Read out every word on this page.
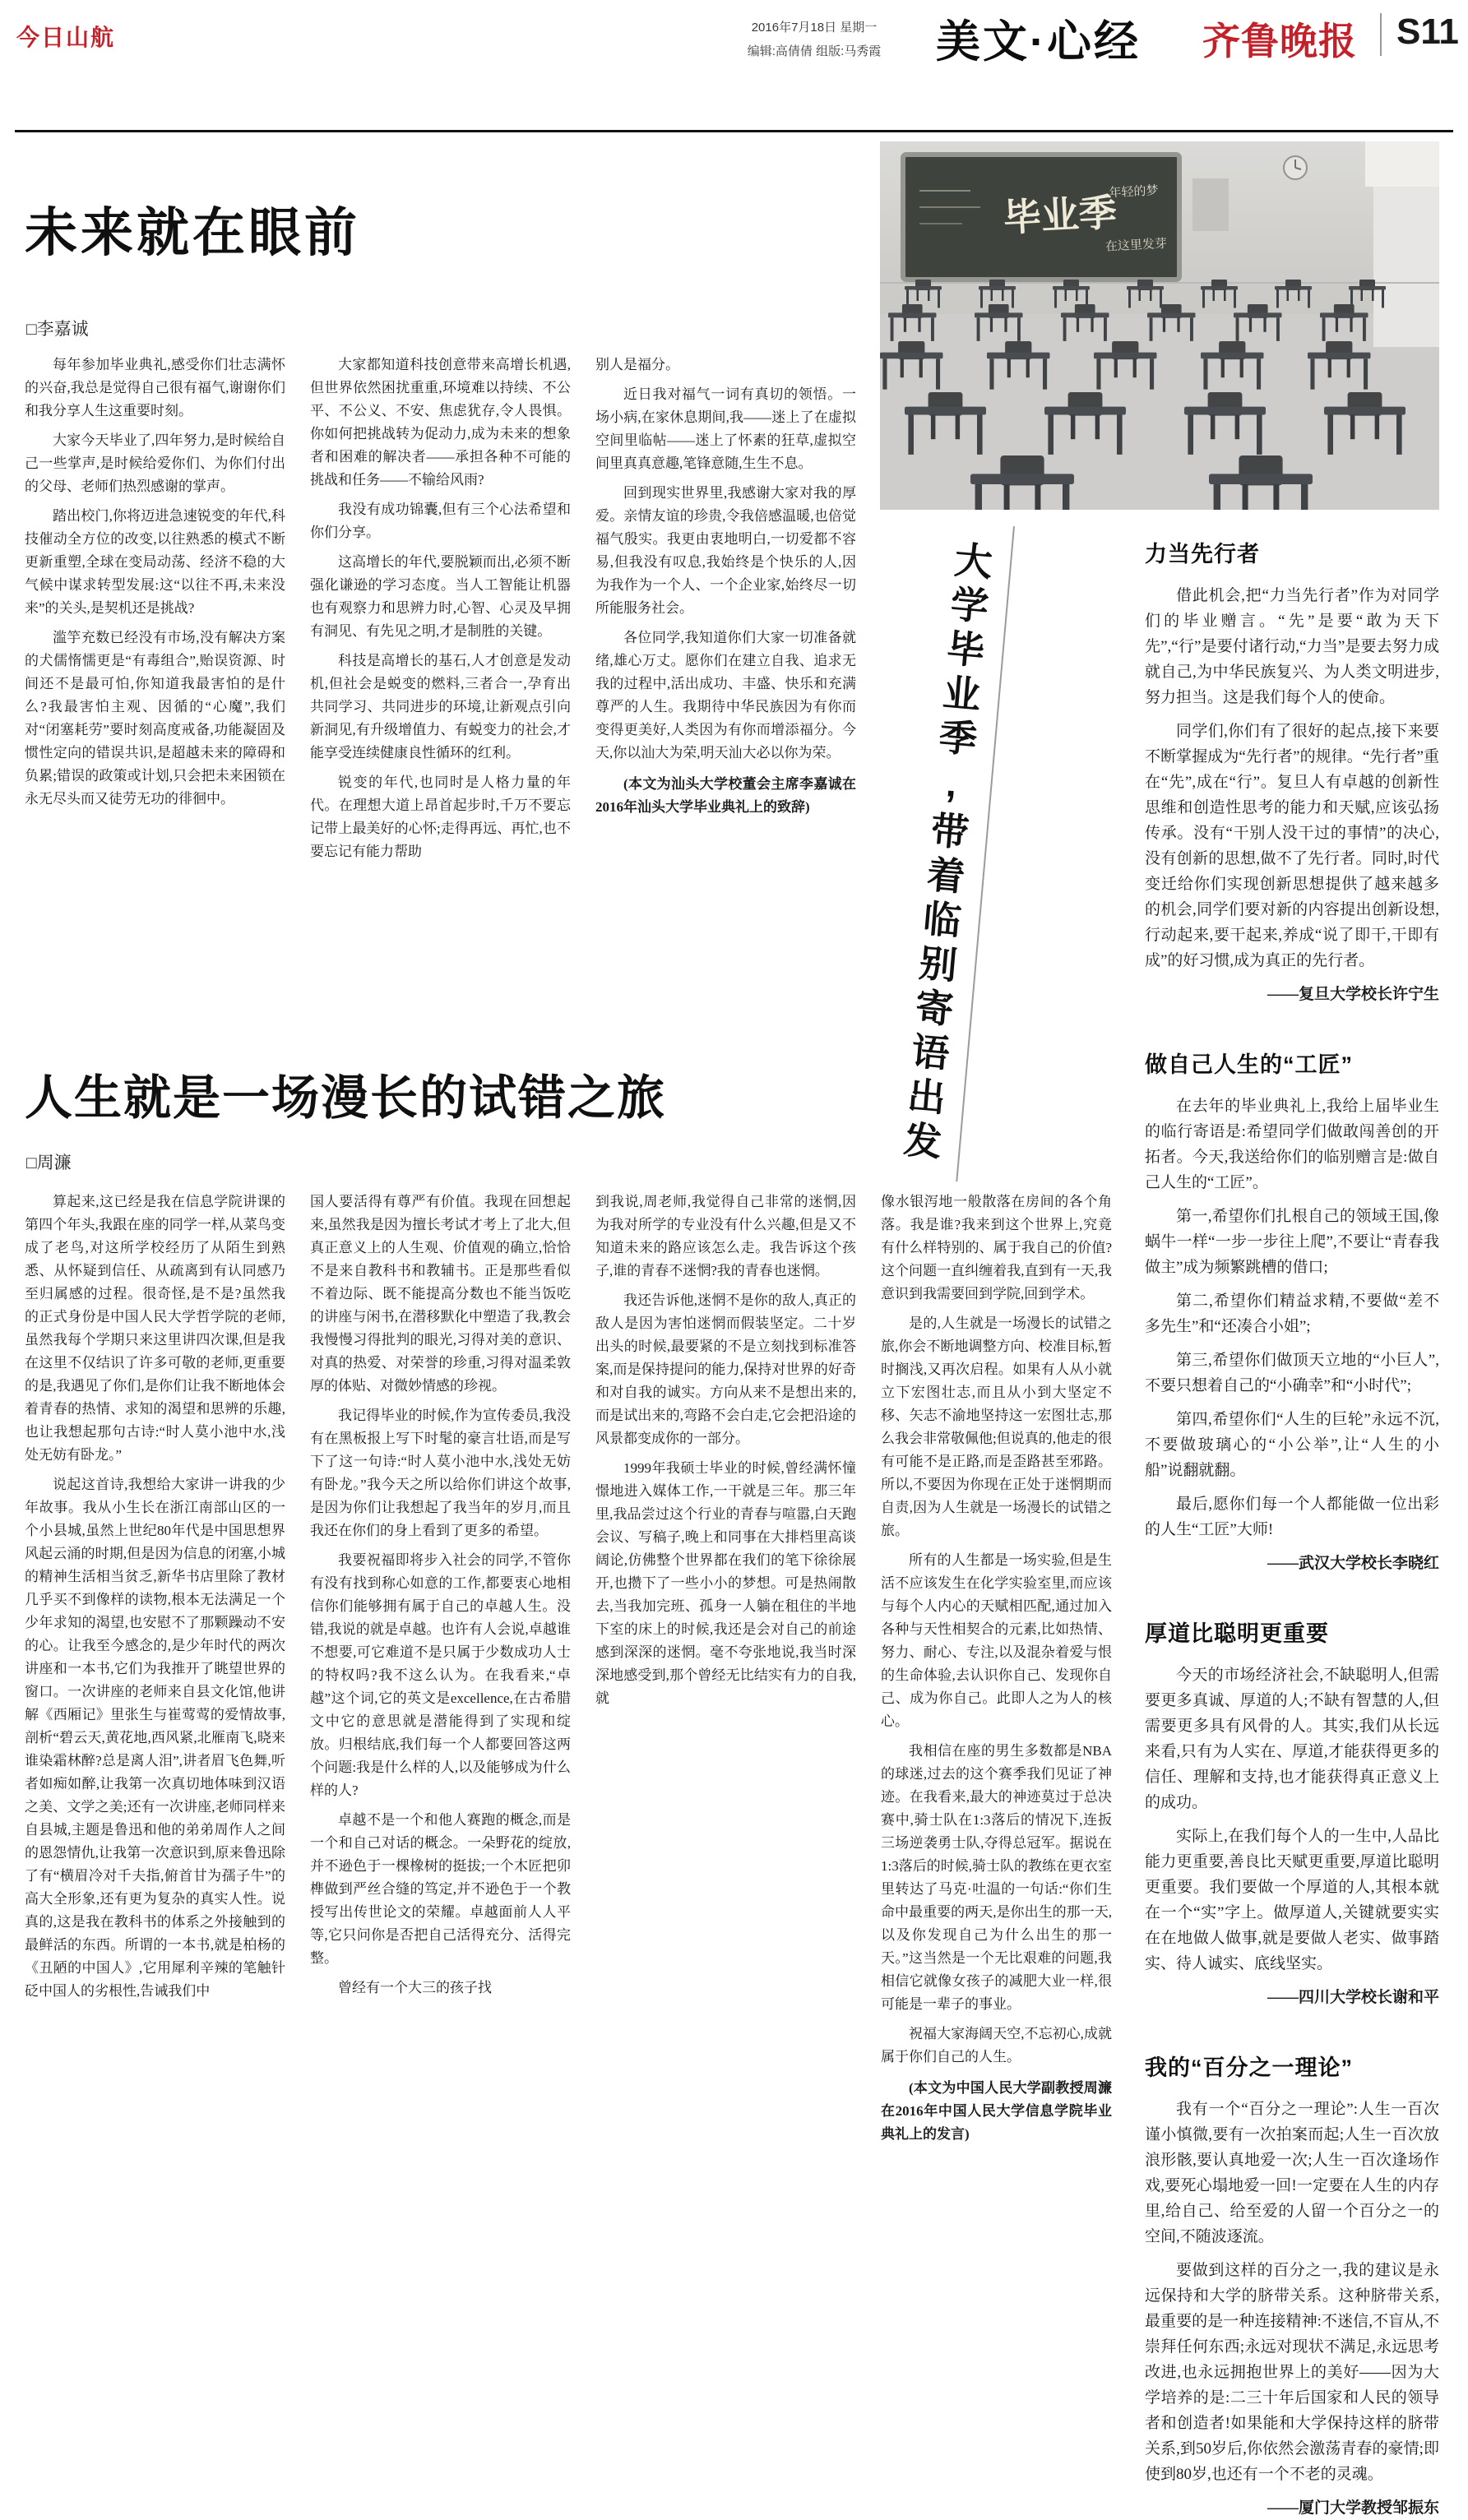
今日山航	2016年7月18日 星期一
编辑:高倩倩 组版:马秀霞	美文·心经 齐鲁晚报 S11
未来就在眼前
□李嘉诚

每年参加毕业典礼,感受你们壮志满怀的兴奋,我总是觉得自己很有福气,谢谢你们和我分享人生这重要时刻。

大家今天毕业了,四年努力,是时候给自己一些掌声,是时候给爱你们、为你们付出的父母、老师们热烈感谢的掌声。

踏出校门,你将迈进急速锐变的年代,科技催动全方位的改变,以往熟悉的模式不断更新重塑,全球在变局动荡、经济不稳的大气候中谋求转型发展:这“以往不再,未来没来”的关头,是契机还是挑战?

滥竽充数已经没有市场,没有解决方案的犬儒惰懦更是“有毒组合”,贻误资源、时间还不是最可怕,你知道我最害怕的是什么?我最害怕主观、因循的“心魔”,我们对“闭塞耗劳”要时刻高度戒备,功能凝固及惯性定向的错误共识,是超越未来的障碍和负累;错误的政策或计划,只会把未来困锁在永无尽头而又徒劳无功的徘徊中。

大家都知道科技创意带来高增长机遇,但世界依然困扰重重,环境难以持续、不公平、不公义、不安、焦虑犹存,令人畏惧。你如何把挑战转为促动力,成为未来的想象者和困难的解决者——承担各种不可能的挑战和任务——不输给风雨?

我没有成功锦囊,但有三个心法希望和你们分享。

这高增长的年代,要脱颖而出,必须不断强化谦逊的学习态度。当人工智能让机器也有观察力和思辨力时,心智、心灵及早拥有洞见、有先见之明,才是制胜的关键。

科技是高增长的基石,人才创意是发动机,但社会是蜕变的燃料,三者合一,孕育出共同学习、共同进步的环境,让新观点引向新洞见,有升级增值力、有蜕变力的社会,才能享受连续健康良性循环的红利。

锐变的年代,也同时是人格力量的年代。在理想大道上昂首起步时,千万不要忘记带上最美好的心怀;走得再远、再忙,也不要忘记有能力帮助

别人是福分。

近日我对福气一词有真切的领悟。一场小病,在家休息期间,我——迷上了在虚拟空间里临帖——迷上了怀素的狂草,虚拟空间里真真意趣,笔锋意随,生生不息。

回到现实世界里,我感谢大家对我的厚爱。亲情友谊的珍贵,令我倍感温暖,也倍觉福气殷实。我更由衷地明白,一切爱都不容易,但我没有叹息,我始终是个快乐的人,因为我作为一个人、一个企业家,始终尽一切所能服务社会。

各位同学,我知道你们大家一切准备就绪,雄心万丈。愿你们在建立自我、追求无我的过程中,活出成功、丰盛、快乐和充满尊严的人生。我期待中华民族因为有你而变得更美好,人类因为有你而增添福分。今天,你以汕大为荣,明天汕大必以你为荣。

(本文为汕头大学校董会主席李嘉诚在2016年汕头大学毕业典礼上的致辞)

毕业季
年轻的梦
在这里发芽
大学毕业季,带着临别寄语出发
人生就是一场漫长的试错之旅
□周濂

算起来,这已经是我在信息学院讲课的第四个年头,我跟在座的同学一样,从菜鸟变成了老鸟,对这所学校经历了从陌生到熟悉、从怀疑到信任、从疏离到有认同感乃至归属感的过程。很奇怪,是不是?虽然我的正式身份是中国人民大学哲学院的老师,虽然我每个学期只来这里讲四次课,但是我在这里不仅结识了许多可敬的老师,更重要的是,我遇见了你们,是你们让我不断地体会着青春的热情、求知的渴望和思辨的乐趣,也让我想起那句古诗:“时人莫小池中水,浅处无妨有卧龙。”

说起这首诗,我想给大家讲一讲我的少年故事。我从小生长在浙江南部山区的一个小县城,虽然上世纪80年代是中国思想界风起云涌的时期,但是因为信息的闭塞,小城的精神生活相当贫乏,新华书店里除了教材几乎买不到像样的读物,根本无法满足一个少年求知的渴望,也安慰不了那颗躁动不安的心。让我至今感念的,是少年时代的两次讲座和一本书,它们为我推开了眺望世界的窗口。一次讲座的老师来自县文化馆,他讲解《西厢记》里张生与崔莺莺的爱情故事,剖析“碧云天,黄花地,西风紧,北雁南飞,晓来谁染霜林醉?总是离人泪”,讲者眉飞色舞,听者如痴如醉,让我第一次真切地体味到汉语之美、文学之美;还有一次讲座,老师同样来自县城,主题是鲁迅和他的弟弟周作人之间的恩怨情仇,让我第一次意识到,原来鲁迅除了有“横眉冷对千夫指,俯首甘为孺子牛”的高大全形象,还有更为复杂的真实人性。说真的,这是我在教科书的体系之外接触到的最鲜活的东西。所谓的一本书,就是柏杨的《丑陋的中国人》,它用犀利辛辣的笔触针砭中国人的劣根性,告诫我们中

国人要活得有尊严有价值。我现在回想起来,虽然我是因为擅长考试才考上了北大,但真正意义上的人生观、价值观的确立,恰恰不是来自教科书和教辅书。正是那些看似不着边际、既不能提高分数也不能当饭吃的讲座与闲书,在潜移默化中塑造了我,教会我慢慢习得批判的眼光,习得对美的意识、对真的热爱、对荣誉的珍重,习得对温柔敦厚的体贴、对微妙情感的珍视。

我记得毕业的时候,作为宣传委员,我没有在黑板报上写下时髦的豪言壮语,而是写下了这一句诗:“时人莫小池中水,浅处无妨有卧龙。”我今天之所以给你们讲这个故事,是因为你们让我想起了我当年的岁月,而且我还在你们的身上看到了更多的希望。

我要祝福即将步入社会的同学,不管你有没有找到称心如意的工作,都要衷心地相信你们能够拥有属于自己的卓越人生。没错,我说的就是卓越。也许有人会说,卓越谁不想要,可它难道不是只属于少数成功人士的特权吗?我不这么认为。在我看来,“卓越”这个词,它的英文是excellence,在古希腊文中它的意思就是潜能得到了实现和绽放。归根结底,我们每一个人都要回答这两个问题:我是什么样的人,以及能够成为什么样的人?

卓越不是一个和他人赛跑的概念,而是一个和自己对话的概念。一朵野花的绽放,并不逊色于一棵橡树的挺拔;一个木匠把卯榫做到严丝合缝的笃定,并不逊色于一个教授写出传世论文的荣耀。卓越面前人人平等,它只问你是否把自己活得充分、活得完整。

曾经有一个大三的孩子找

到我说,周老师,我觉得自己非常的迷惘,因为我对所学的专业没有什么兴趣,但是又不知道未来的路应该怎么走。我告诉这个孩子,谁的青春不迷惘?我的青春也迷惘。

我还告诉他,迷惘不是你的敌人,真正的敌人是因为害怕迷惘而假装坚定。二十岁出头的时候,最要紧的不是立刻找到标准答案,而是保持提问的能力,保持对世界的好奇和对自我的诚实。方向从来不是想出来的,而是试出来的,弯路不会白走,它会把沿途的风景都变成你的一部分。

1999年我硕士毕业的时候,曾经满怀憧憬地进入媒体工作,一干就是三年。那三年里,我品尝过这个行业的青春与喧嚣,白天跑会议、写稿子,晚上和同事在大排档里高谈阔论,仿佛整个世界都在我们的笔下徐徐展开,也攒下了一些小小的梦想。可是热闹散去,当我加完班、孤身一人躺在租住的半地下室的床上的时候,我还是会对自己的前途感到深深的迷惘。毫不夸张地说,我当时深深地感受到,那个曾经无比结实有力的自我,就

像水银泻地一般散落在房间的各个角落。我是谁?我来到这个世界上,究竟有什么样特别的、属于我自己的价值?这个问题一直纠缠着我,直到有一天,我意识到我需要回到学院,回到学术。

是的,人生就是一场漫长的试错之旅,你会不断地调整方向、校准目标,暂时搁浅,又再次启程。如果有人从小就立下宏图壮志,而且从小到大坚定不移、矢志不渝地坚持这一宏图壮志,那么我会非常敬佩他;但说真的,他走的很有可能不是正路,而是歪路甚至邪路。所以,不要因为你现在正处于迷惘期而自责,因为人生就是一场漫长的试错之旅。

所有的人生都是一场实验,但是生活不应该发生在化学实验室里,而应该与每个人内心的天赋相匹配,通过加入各种与天性相契合的元素,比如热情、努力、耐心、专注,以及混杂着爱与恨的生命体验,去认识你自己、发现你自己、成为你自己。此即人之为人的核心。

我相信在座的男生多数都是NBA的球迷,过去的这个赛季我们见证了神迹。在我看来,最大的神迹莫过于总决赛中,骑士队在1:3落后的情况下,连扳三场逆袭勇士队,夺得总冠军。据说在1:3落后的时候,骑士队的教练在更衣室里转达了马克·吐温的一句话:“你们生命中最重要的两天,是你出生的那一天,以及你发现自己为什么出生的那一天。”这当然是一个无比艰难的问题,我相信它就像女孩子的减肥大业一样,很可能是一辈子的事业。

祝福大家海阔天空,不忘初心,成就属于你们自己的人生。

(本文为中国人民大学副教授周濂在2016年中国人民大学信息学院毕业典礼上的发言)

力当先行者

借此机会,把“力当先行者”作为对同学们的毕业赠言。“先”是要“敢为天下先”,“行”是要付诸行动,“力当”是要去努力成就自己,为中华民族复兴、为人类文明进步,努力担当。这是我们每个人的使命。

同学们,你们有了很好的起点,接下来要不断掌握成为“先行者”的规律。“先行者”重在“先”,成在“行”。复旦人有卓越的创新性思维和创造性思考的能力和天赋,应该弘扬传承。没有“干别人没干过的事情”的决心,没有创新的思想,做不了先行者。同时,时代变迁给你们实现创新思想提供了越来越多的机会,同学们要对新的内容提出创新设想,行动起来,要干起来,养成“说了即干,干即有成”的好习惯,成为真正的先行者。

——复旦大学校长许宁生
做自己人生的“工匠”

在去年的毕业典礼上,我给上届毕业生的临行寄语是:希望同学们做敢闯善创的开拓者。今天,我送给你们的临别赠言是:做自己人生的“工匠”。

第一,希望你们扎根自己的领域王国,像蜗牛一样“一步一步往上爬”,不要让“青春我做主”成为频繁跳槽的借口;

第二,希望你们精益求精,不要做“差不多先生”和“还凑合小姐”;

第三,希望你们做顶天立地的“小巨人”,不要只想着自己的“小确幸”和“小时代”;

第四,希望你们“人生的巨轮”永远不沉,不要做玻璃心的“小公举”,让“人生的小船”说翻就翻。

最后,愿你们每一个人都能做一位出彩的人生“工匠”大师!

——武汉大学校长李晓红
厚道比聪明更重要

今天的市场经济社会,不缺聪明人,但需要更多真诚、厚道的人;不缺有智慧的人,但需要更多具有风骨的人。其实,我们从长远来看,只有为人实在、厚道,才能获得更多的信任、理解和支持,也才能获得真正意义上的成功。

实际上,在我们每个人的一生中,人品比能力更重要,善良比天赋更重要,厚道比聪明更重要。我们要做一个厚道的人,其根本就在一个“实”字上。做厚道人,关键就要实实在在地做人做事,就是要做人老实、做事踏实、待人诚实、底线坚实。

——四川大学校长谢和平
我的“百分之一理论”

我有一个“百分之一理论”:人生一百次谨小慎微,要有一次拍案而起;人生一百次放浪形骸,要认真地爱一次;人生一百次逢场作戏,要死心塌地爱一回!一定要在人生的内存里,给自己、给至爱的人留一个百分之一的空间,不随波逐流。

要做到这样的百分之一,我的建议是永远保持和大学的脐带关系。这种脐带关系,最重要的是一种连接精神:不迷信,不盲从,不崇拜任何东西;永远对现状不满足,永远思考改进,也永远拥抱世界上的美好——因为大学培养的是:二三十年后国家和人民的领导者和创造者!如果能和大学保持这样的脐带关系,到50岁后,你依然会激荡青春的豪情;即使到80岁,也还有一个不老的灵魂。

——厦门大学教授邹振东
